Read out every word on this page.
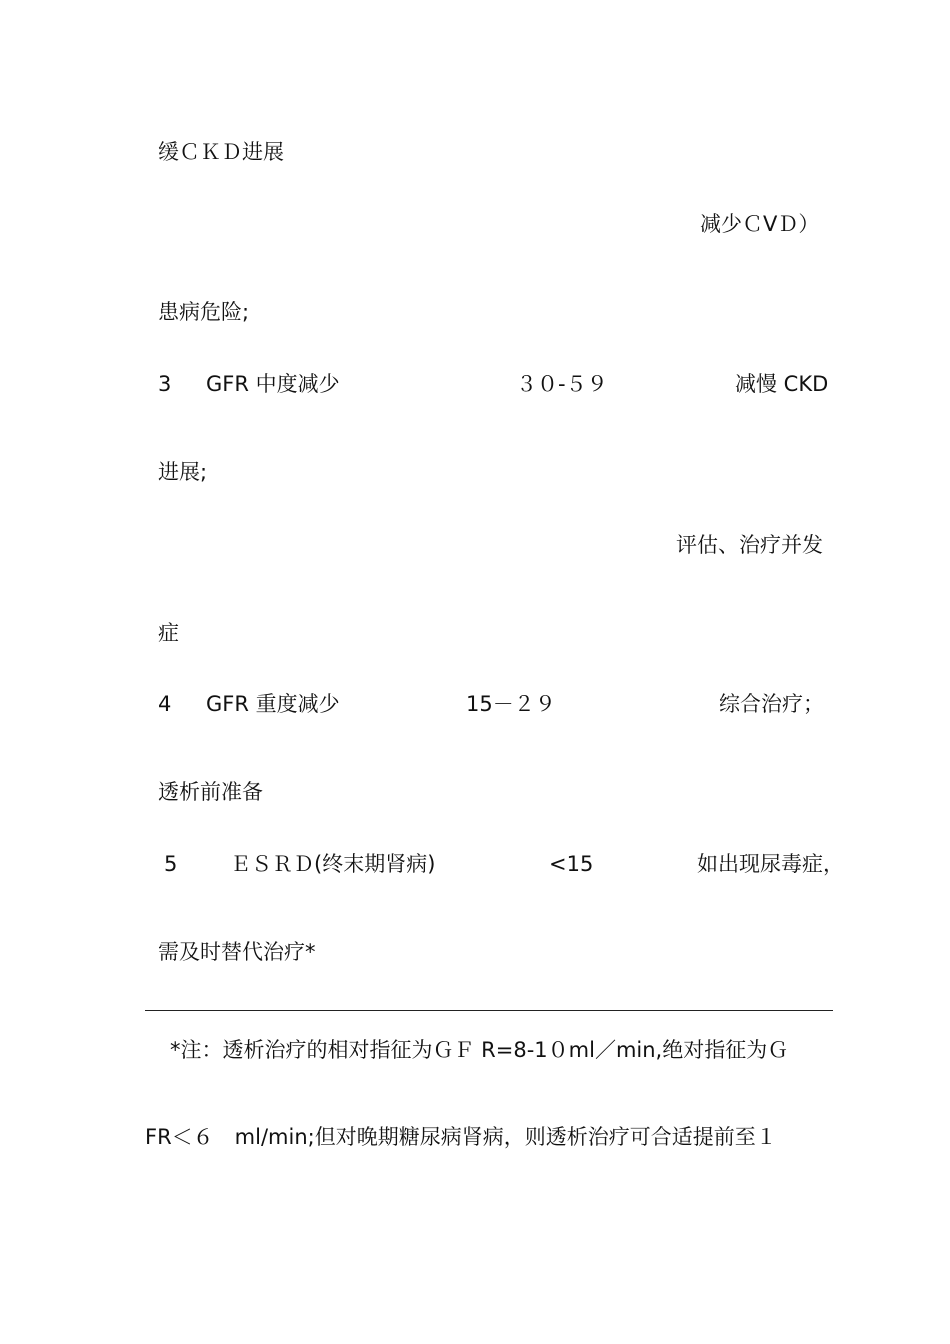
缓ＣＫＤ进展
减少ＣVＤ）
患病危险;
3 GFR 中度减少	３０-５９	减慢 CKD
进展;
评估、治疗并发
症
4 GFR 重度减少	15－２９	综合治疗；
透析前准备
5	ＥＳＲＤ(终末期肾病)	<15	如出现尿毒症，
需及时替代治疗*
*注：透析治疗的相对指征为ＧＦ R=8-1０ml／min,绝对指征为Ｇ
FR＜６　ml/min;但对晚期糖尿病肾病，则透析治疗可合适提前至１
